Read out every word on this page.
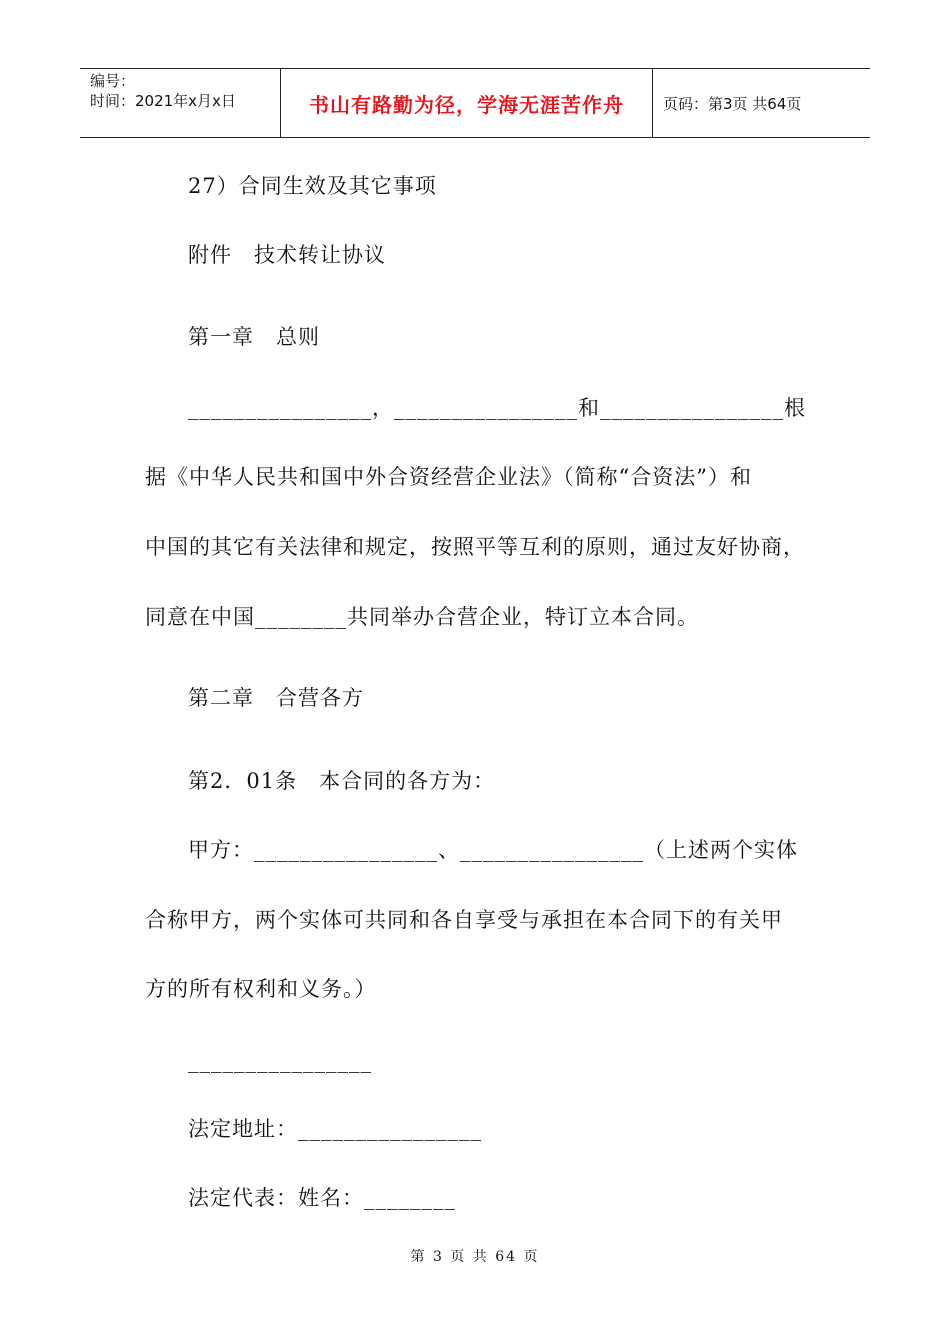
编号：
时间：2021年x月x日	书山有路勤为径，学海无涯苦作舟	页码：第3页 共64页
27）合同生效及其它事项
附件　技术转让协议
第一章　总则
________________，________________和________________根
据《中华人民共和国中外合资经营企业法》（简称“合资法”）和
中国的其它有关法律和规定，按照平等互利的原则，通过友好协商，
同意在中国________共同举办合营企业，特订立本合同。
第二章　合营各方
第2．01条　本合同的各方为：
甲方：________________、________________（上述两个实体
合称甲方，两个实体可共同和各自享受与承担在本合同下的有关甲
方的所有权利和义务。）
________________
法定地址：________________
法定代表：姓名：________
第 3 页 共 64 页
